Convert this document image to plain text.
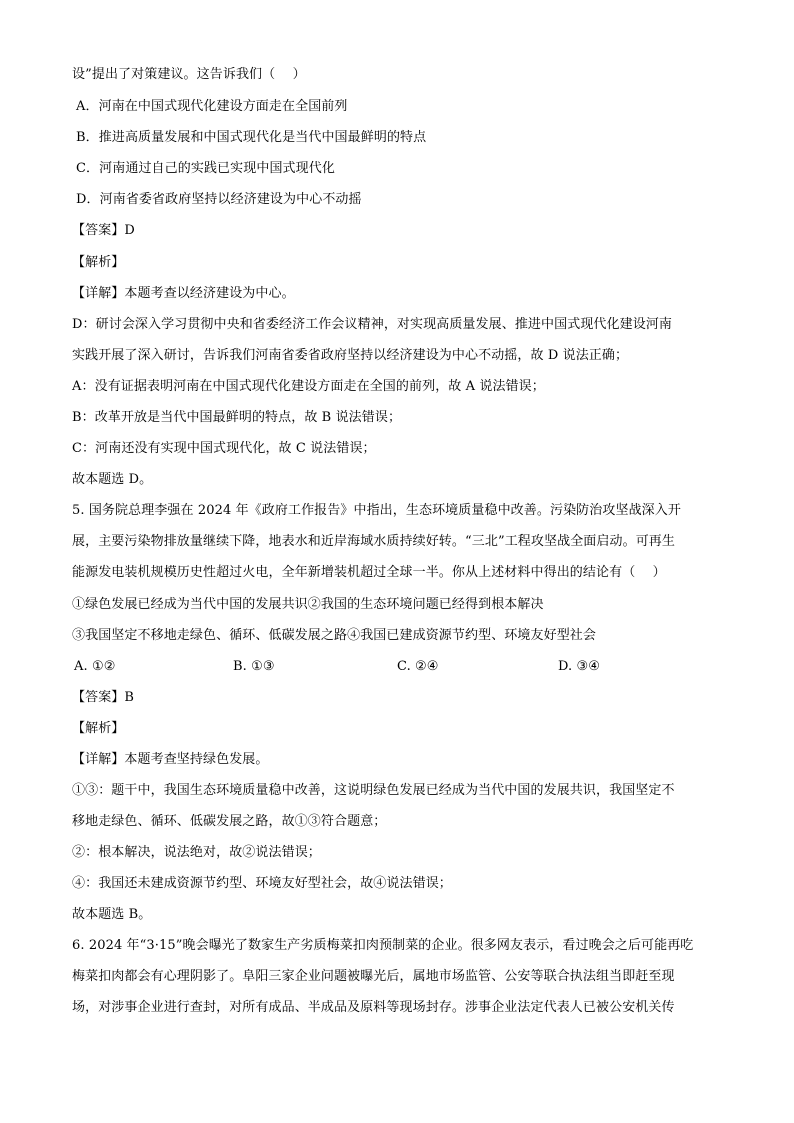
设”提出了对策建议。这告诉我们（　 ）
A．河南在中国式现代化建设方面走在全国前列
B．推进高质量发展和中国式现代化是当代中国最鲜明的特点
C．河南通过自己的实践已实现中国式现代化
D．河南省委省政府坚持以经济建设为中心不动摇
【答案】D
【解析】
【详解】本题考查以经济建设为中心。
D：研讨会深入学习贯彻中央和省委经济工作会议精神，对实现高质量发展、推进中国式现代化建设河南
实践开展了深入研讨，告诉我们河南省委省政府坚持以经济建设为中心不动摇，故 D 说法正确；
A：没有证据表明河南在中国式现代化建设方面走在全国的前列，故 A 说法错误；
B：改革开放是当代中国最鲜明的特点，故 B 说法错误；
C：河南还没有实现中国式现代化，故 C 说法错误；
故本题选 D。
5. 国务院总理李强在 2024 年《政府工作报告》中指出，生态环境质量稳中改善。污染防治攻坚战深入开
展，主要污染物排放量继续下降，地表水和近岸海域水质持续好转。“三北”工程攻坚战全面启动。可再生
能源发电装机规模历史性超过火电，全年新增装机超过全球一半。你从上述材料中得出的结论有（　 ）
①绿色发展已经成为当代中国的发展共识②我国的生态环境问题已经得到根本解决
③我国坚定不移地走绿色、循环、低碳发展之路④我国已建成资源节约型、环境友好型社会
A. ①②	B. ①③	C. ②④	D. ③④
【答案】B
【解析】
【详解】本题考查坚持绿色发展。
①③：题干中，我国生态环境质量稳中改善，这说明绿色发展已经成为当代中国的发展共识，我国坚定不
移地走绿色、循环、低碳发展之路，故①③符合题意；
②：根本解决，说法绝对，故②说法错误；
④：我国还未建成资源节约型、环境友好型社会，故④说法错误；
故本题选 B。
6. 2024 年“3·15”晚会曝光了数家生产劣质梅菜扣肉预制菜的企业。很多网友表示，看过晚会之后可能再吃
梅菜扣肉都会有心理阴影了。阜阳三家企业问题被曝光后，属地市场监管、公安等联合执法组当即赶至现
场，对涉事企业进行查封，对所有成品、半成品及原料等现场封存。涉事企业法定代表人已被公安机关传
